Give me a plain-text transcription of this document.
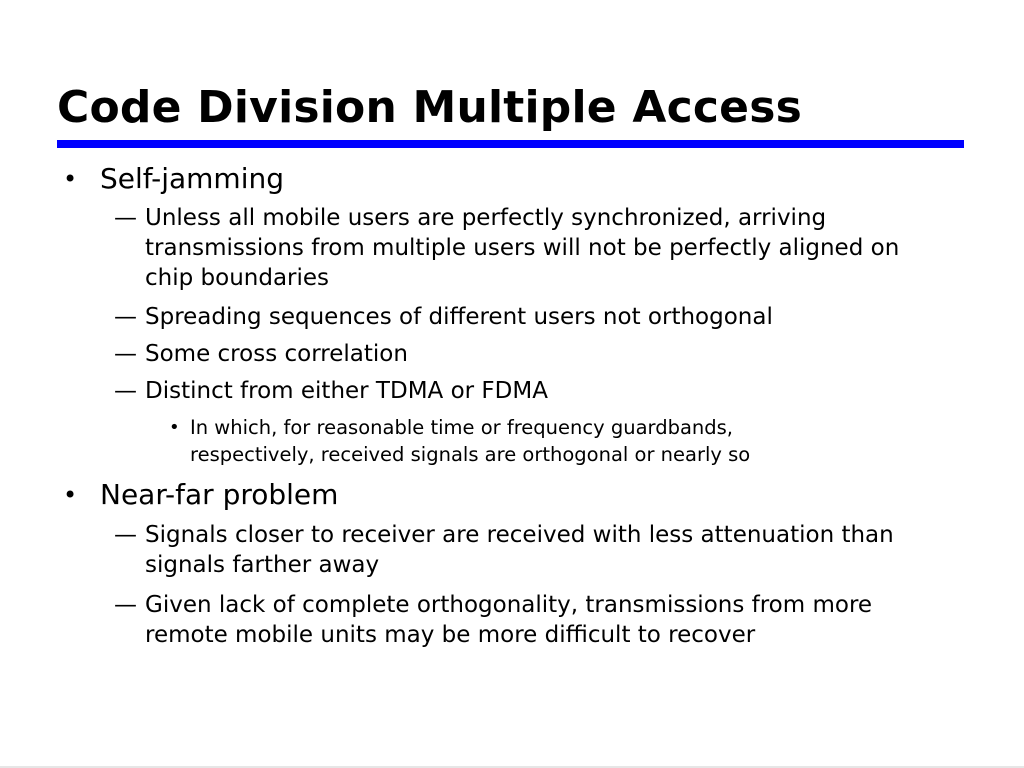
Code Division Multiple Access
• Self-jamming
— Unless all mobile users are perfectly synchronized, arriving transmissions from multiple users will not be perfectly aligned on chip boundaries
— Spreading sequences of different users not orthogonal
— Some cross correlation
— Distinct from either TDMA or FDMA
• In which, for reasonable time or frequency guardbands, respectively, received signals are orthogonal or nearly so
• Near-far problem
— Signals closer to receiver are received with less attenuation than signals farther away
— Given lack of complete orthogonality, transmissions from more remote mobile units may be more difficult to recover
